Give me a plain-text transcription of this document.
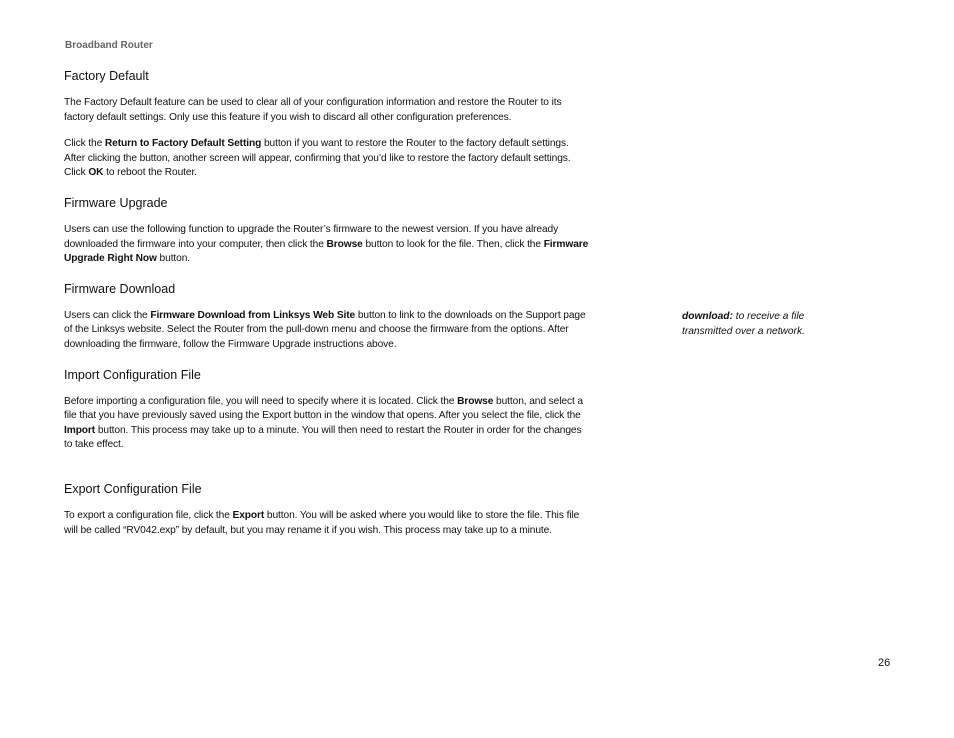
Broadband Router
Factory Default

The Factory Default feature can be used to clear all of your configuration information and restore the Router to its factory default settings. Only use this feature if you wish to discard all other configuration preferences.

Click the Return to Factory Default Setting button if you want to restore the Router to the factory default settings. After clicking the button, another screen will appear, confirming that you’d like to restore the factory default settings. Click OK to reboot the Router.

Firmware Upgrade

Users can use the following function to upgrade the Router’s firmware to the newest version. If you have already downloaded the firmware into your computer, then click the Browse button to look for the file. Then, click the Firmware Upgrade Right Now button.

Firmware Download

Users can click the Firmware Download from Linksys Web Site button to link to the downloads on the Support page of the Linksys website. Select the Router from the pull-down menu and choose the firmware from the options. After downloading the firmware, follow the Firmware Upgrade instructions above.

Import Configuration File

Before importing a configuration file, you will need to specify where it is located. Click the Browse button, and select a file that you have previously saved using the Export button in the window that opens. After you select the file, click the Import button. This process may take up to a minute. You will then need to restart the Router in order for the changes to take effect.

Export Configuration File

To export a configuration file, click the Export button. You will be asked where you would like to store the file. This file will be called “RV042.exp” by default, but you may rename it if you wish. This process may take up to a minute.

download: to receive a file transmitted over a network.
26
